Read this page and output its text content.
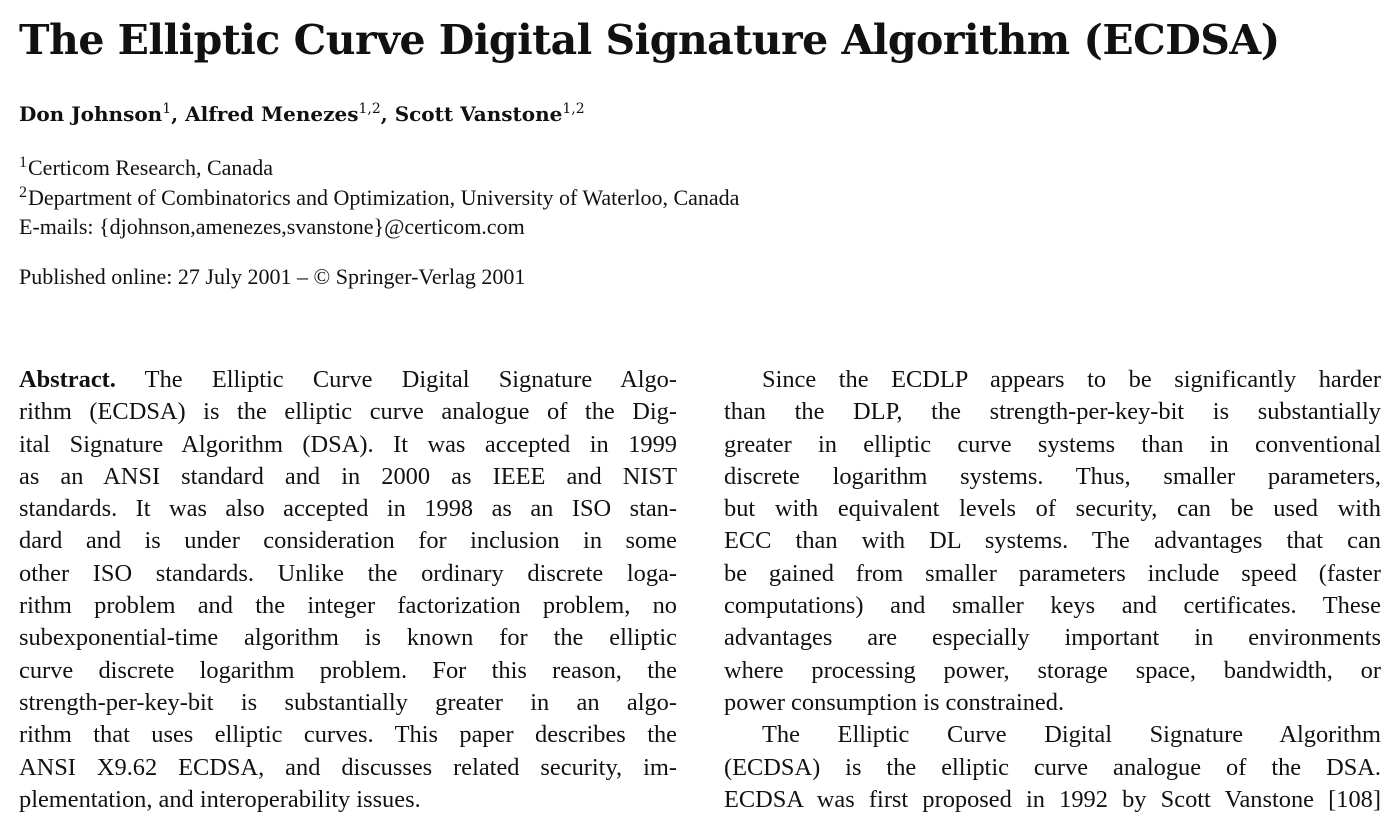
The Elliptic Curve Digital Signature Algorithm (ECDSA)
Don Johnson$^1$, Alfred Menezes$^{1,2}$, Scott Vanstone$^{1,2}$
$^1$Certicom Research, Canada
$^2$Department of Combinatorics and Optimization, University of Waterloo, Canada
E-mails: {djohnson,amenezes,svanstone}@certicom.com
Published online: 27 July 2001 – © Springer-Verlag 2001
Abstract. The Elliptic Curve Digital Signature Algo-
rithm (ECDSA) is the elliptic curve analogue of the Dig-
ital Signature Algorithm (DSA). It was accepted in 1999
as an ANSI standard and in 2000 as IEEE and NIST
standards. It was also accepted in 1998 as an ISO stan-
dard and is under consideration for inclusion in some
other ISO standards. Unlike the ordinary discrete loga-
rithm problem and the integer factorization problem, no
subexponential-time algorithm is known for the elliptic
curve discrete logarithm problem. For this reason, the
strength-per-key-bit is substantially greater in an algo-
rithm that uses elliptic curves. This paper describes the
ANSI X9.62 ECDSA, and discusses related security, im-
plementation, and interoperability issues.
Since the ECDLP appears to be significantly harder
than the DLP, the strength-per-key-bit is substantially
greater in elliptic curve systems than in conventional
discrete logarithm systems. Thus, smaller parameters,
but with equivalent levels of security, can be used with
ECC than with DL systems. The advantages that can
be gained from smaller parameters include speed (faster
computations) and smaller keys and certificates. These
advantages are especially important in environments
where processing power, storage space, bandwidth, or
power consumption is constrained.
The Elliptic Curve Digital Signature Algorithm
(ECDSA) is the elliptic curve analogue of the DSA.
ECDSA was first proposed in 1992 by Scott Vanstone [108]
